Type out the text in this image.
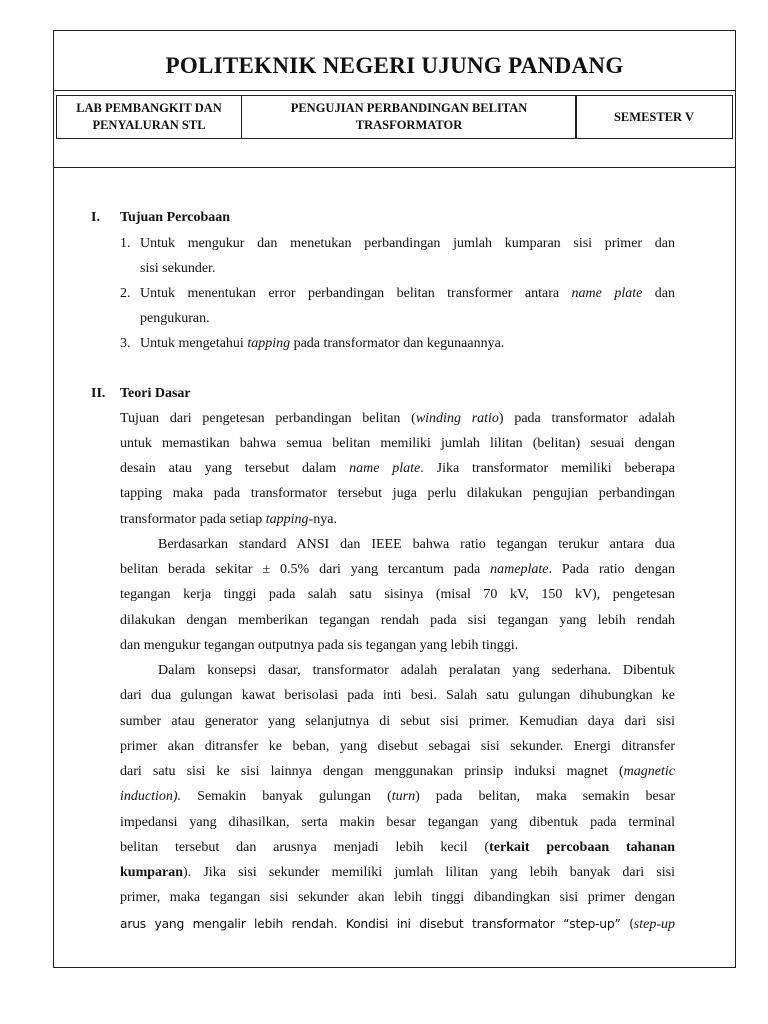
POLITEKNIK NEGERI UJUNG PANDANG
LAB PEMBANGKIT DAN
PENYALURAN STL
PENGUJIAN PERBANDINGAN BELITAN
TRASFORMATOR
SEMESTER V
I. Tujuan Percobaan
1. Untuk mengukur dan menetukan perbandingan jumlah kumparan sisi primer dan
sisi sekunder.
2. Untuk menentukan error perbandingan belitan transformer antara name plate dan
pengukuran.
3. Untuk mengetahui tapping pada transformator dan kegunaannya.
II. Teori Dasar
Tujuan dari pengetesan perbandingan belitan (winding ratio) pada transformator adalah
untuk memastikan bahwa semua belitan memiliki jumlah lilitan (belitan) sesuai dengan
desain atau yang tersebut dalam name plate. Jika transformator memiliki beberapa
tapping maka pada transformator tersebut juga perlu dilakukan pengujian perbandingan
transformator pada setiap tapping-nya.
Berdasarkan standard ANSI dan IEEE bahwa ratio tegangan terukur antara dua
belitan berada sekitar ± 0.5% dari yang tercantum pada nameplate. Pada ratio dengan
tegangan kerja tinggi pada salah satu sisinya (misal 70 kV, 150 kV), pengetesan
dilakukan dengan memberikan tegangan rendah pada sisi tegangan yang lebih rendah
dan mengukur tegangan outputnya pada sis tegangan yang lebih tinggi.
Dalam konsepsi dasar, transformator adalah peralatan yang sederhana. Dibentuk
dari dua gulungan kawat berisolasi pada inti besi. Salah satu gulungan dihubungkan ke
sumber atau generator yang selanjutnya di sebut sisi primer. Kemudian daya dari sisi
primer akan ditransfer ke beban, yang disebut sebagai sisi sekunder. Energi ditransfer
dari satu sisi ke sisi lainnya dengan menggunakan prinsip induksi magnet (magnetic
induction). Semakin banyak gulungan (turn) pada belitan, maka semakin besar
impedansi yang dihasilkan, serta makin besar tegangan yang dibentuk pada terminal
belitan tersebut dan arusnya menjadi lebih kecil (terkait percobaan tahanan
kumparan). Jika sisi sekunder memiliki jumlah lilitan yang lebih banyak dari sisi
primer, maka tegangan sisi sekunder akan lebih tinggi dibandingkan sisi primer dengan
arus yang mengalir lebih rendah. Kondisi ini disebut transformator “step-up” (step-up
